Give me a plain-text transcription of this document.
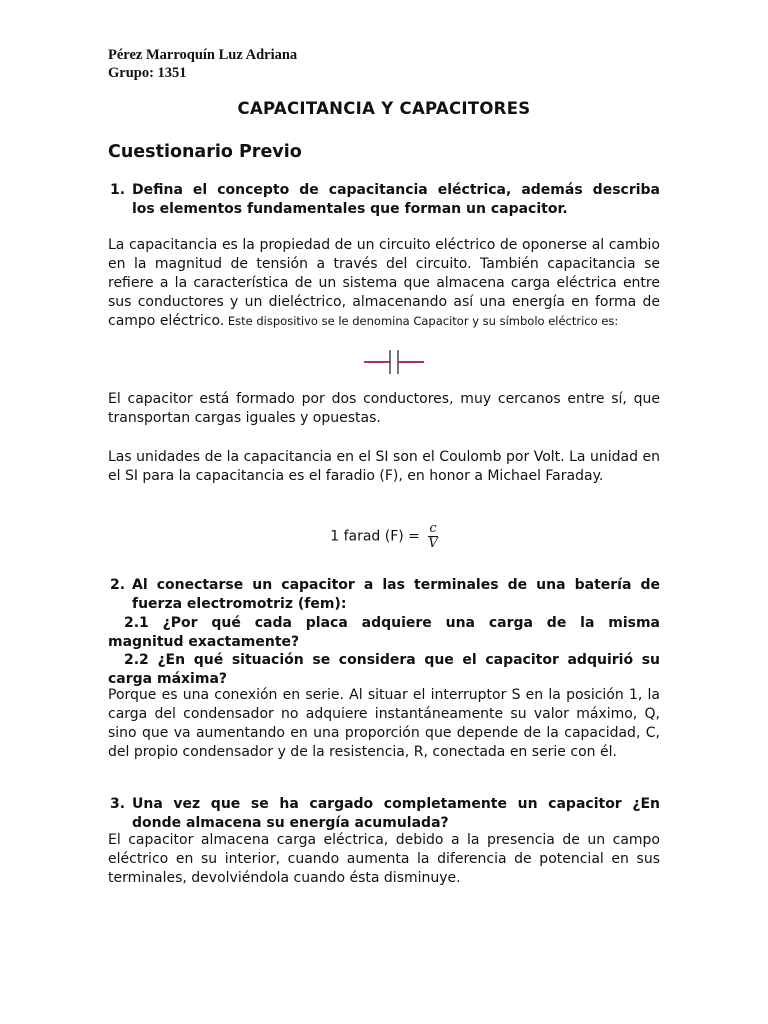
Pérez Marroquín Luz Adriana
Grupo: 1351
CAPACITANCIA Y CAPACITORES
Cuestionario Previo
1. Defina el concepto de capacitancia eléctrica, además describa
los elementos fundamentales que forman un capacitor.
La capacitancia es la propiedad de un circuito eléctrico de oponerse al cambio en la magnitud de tensión a través del circuito. También capacitancia se refiere a la característica de un sistema que almacena carga eléctrica entre sus conductores y un dieléctrico, almacenando así una energía en forma de campo eléctrico. Este dispositivo se le denomina Capacitor y su símbolo eléctrico es:
El capacitor está formado por dos conductores, muy cercanos entre sí, que transportan cargas iguales y opuestas.
Las unidades de la capacitancia en el SI son el Coulomb por Volt. La unidad en el SI para la capacitancia es el faradio (F), en honor a Michael Faraday.
1 farad $(F) = \frac{c}{V}$
2. Al conectarse un capacitor a las terminales de una batería de
fuerza electromotriz (fem):
2.1 ¿Por qué cada placa adquiere una carga de la misma
magnitud exactamente?
2.2 ¿En qué situación se considera que el capacitor adquirió su
carga máxima?
Porque es una conexión en serie. Al situar el interruptor S en la posición 1, la carga del condensador no adquiere instantáneamente su valor máximo, Q, sino que va aumentando en una proporción que depende de la capacidad, C, del propio condensador y de la resistencia, R, conectada en serie con él.
3. Una vez que se ha cargado completamente un capacitor ¿En
donde almacena su energía acumulada?
El capacitor almacena carga eléctrica, debido a la presencia de un campo eléctrico en su interior, cuando aumenta la diferencia de potencial en sus terminales, devolviéndola cuando ésta disminuye.
